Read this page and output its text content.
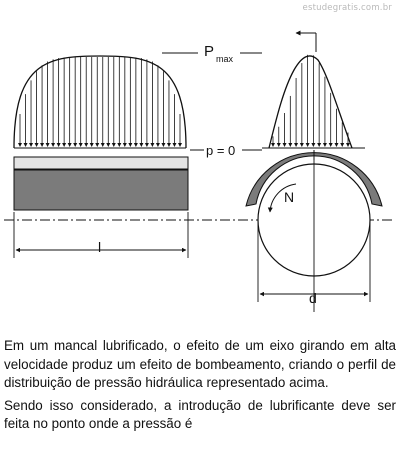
estudegratis.com.br
P max
p = 0
l
N
d

Em um mancal lubrificado, o efeito de um eixo girando em alta velocidade produz um efeito de bombeamento, criando o perfil de distribuição de pressão hidráulica representado acima.

Sendo isso considerado, a introdução de lubrificante deve ser feita no ponto onde a pressão é
